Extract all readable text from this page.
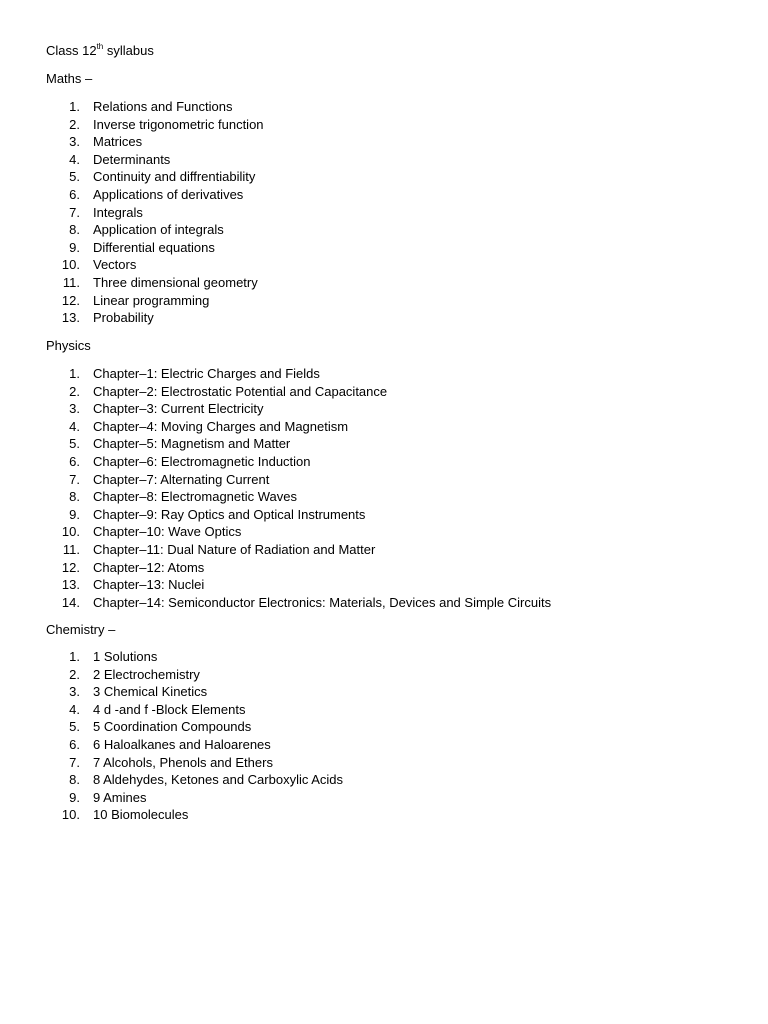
Class 12th syllabus
Maths –
1. Relations and Functions
2. Inverse trigonometric function
3. Matrices
4. Determinants
5. Continuity and diffrentiability
6. Applications of derivatives
7. Integrals
8. Application of integrals
9. Differential equations
10. Vectors
11. Three dimensional geometry
12. Linear programming
13. Probability
Physics
1. Chapter–1: Electric Charges and Fields
2. Chapter–2: Electrostatic Potential and Capacitance
3. Chapter–3: Current Electricity
4. Chapter–4: Moving Charges and Magnetism
5. Chapter–5: Magnetism and Matter
6. Chapter–6: Electromagnetic Induction
7. Chapter–7: Alternating Current
8. Chapter–8: Electromagnetic Waves
9. Chapter–9: Ray Optics and Optical Instruments
10. Chapter–10: Wave Optics
11. Chapter–11: Dual Nature of Radiation and Matter
12. Chapter–12: Atoms
13. Chapter–13: Nuclei
14. Chapter–14: Semiconductor Electronics: Materials, Devices and Simple Circuits
Chemistry –
1. 1 Solutions
2. 2 Electrochemistry
3. 3 Chemical Kinetics
4. 4 d -and f -Block Elements
5. 5 Coordination Compounds
6. 6 Haloalkanes and Haloarenes
7. 7 Alcohols, Phenols and Ethers
8. 8 Aldehydes, Ketones and Carboxylic Acids
9. 9 Amines
10. 10 Biomolecules
